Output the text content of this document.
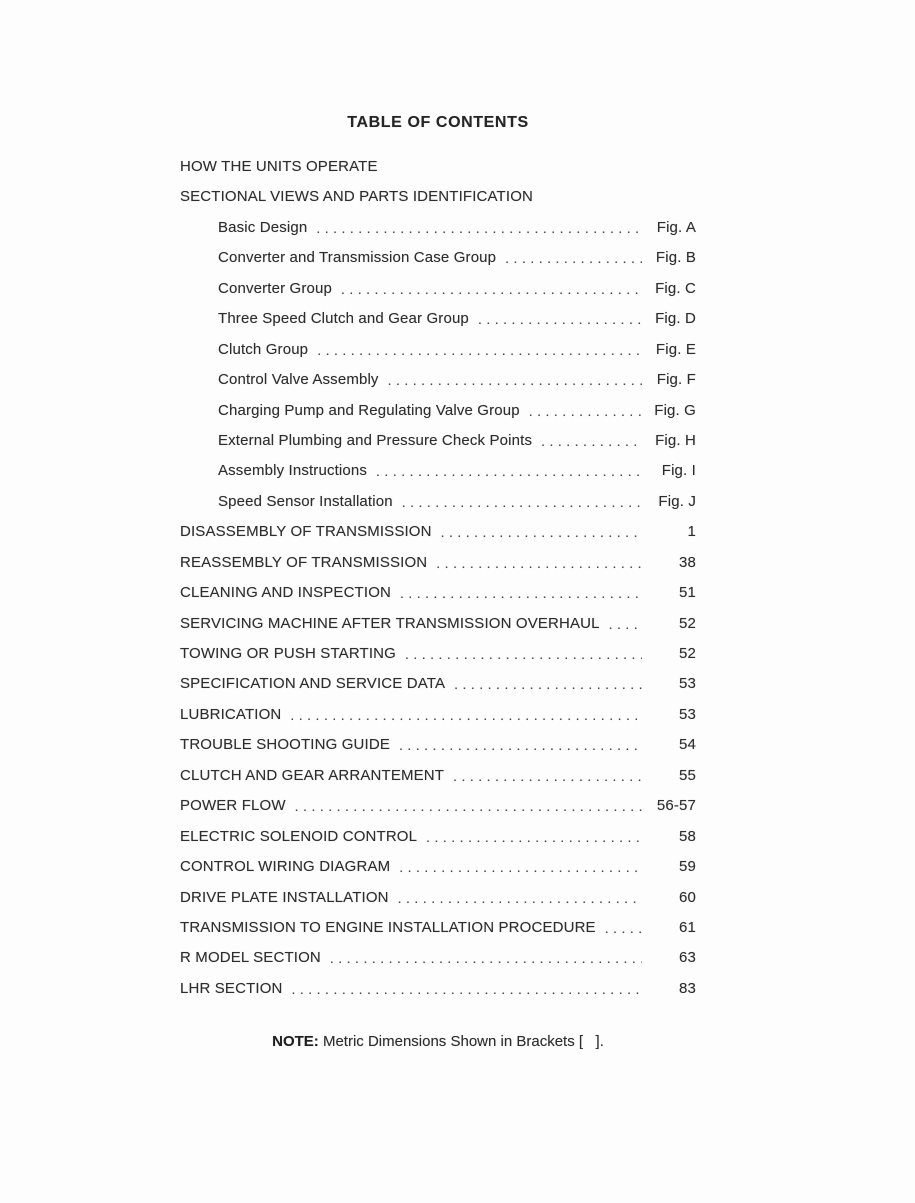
TABLE OF CONTENTS
HOW THE UNITS OPERATE
SECTIONAL VIEWS AND PARTS IDENTIFICATION
Basic Design .....	Fig. A
Converter and Transmission Case Group .....	Fig. B
Converter Group .....	Fig. C
Three Speed Clutch and Gear Group .....	Fig. D
Clutch Group .....	Fig. E
Control Valve Assembly .....	Fig. F
Charging Pump and Regulating Valve Group .....	Fig. G
External Plumbing and Pressure Check Points .....	Fig. H
Assembly Instructions .....	Fig. I
Speed Sensor Installation .....	Fig. J
DISASSEMBLY OF TRANSMISSION .....	1
REASSEMBLY OF TRANSMISSION .....	38
CLEANING AND INSPECTION .....	51
SERVICING MACHINE AFTER TRANSMISSION OVERHAUL .....	52
TOWING OR PUSH STARTING .....	52
SPECIFICATION AND SERVICE DATA .....	53
LUBRICATION .....	53
TROUBLE SHOOTING GUIDE .....	54
CLUTCH AND GEAR ARRANTEMENT .....	55
POWER FLOW .....	56-57
ELECTRIC SOLENOID CONTROL .....	58
CONTROL WIRING DIAGRAM .....	59
DRIVE PLATE INSTALLATION .....	60
TRANSMISSION TO ENGINE INSTALLATION PROCEDURE .....	61
R MODEL SECTION .....	63
LHR SECTION .....	83
NOTE: Metric Dimensions Shown in Brackets [   ].
